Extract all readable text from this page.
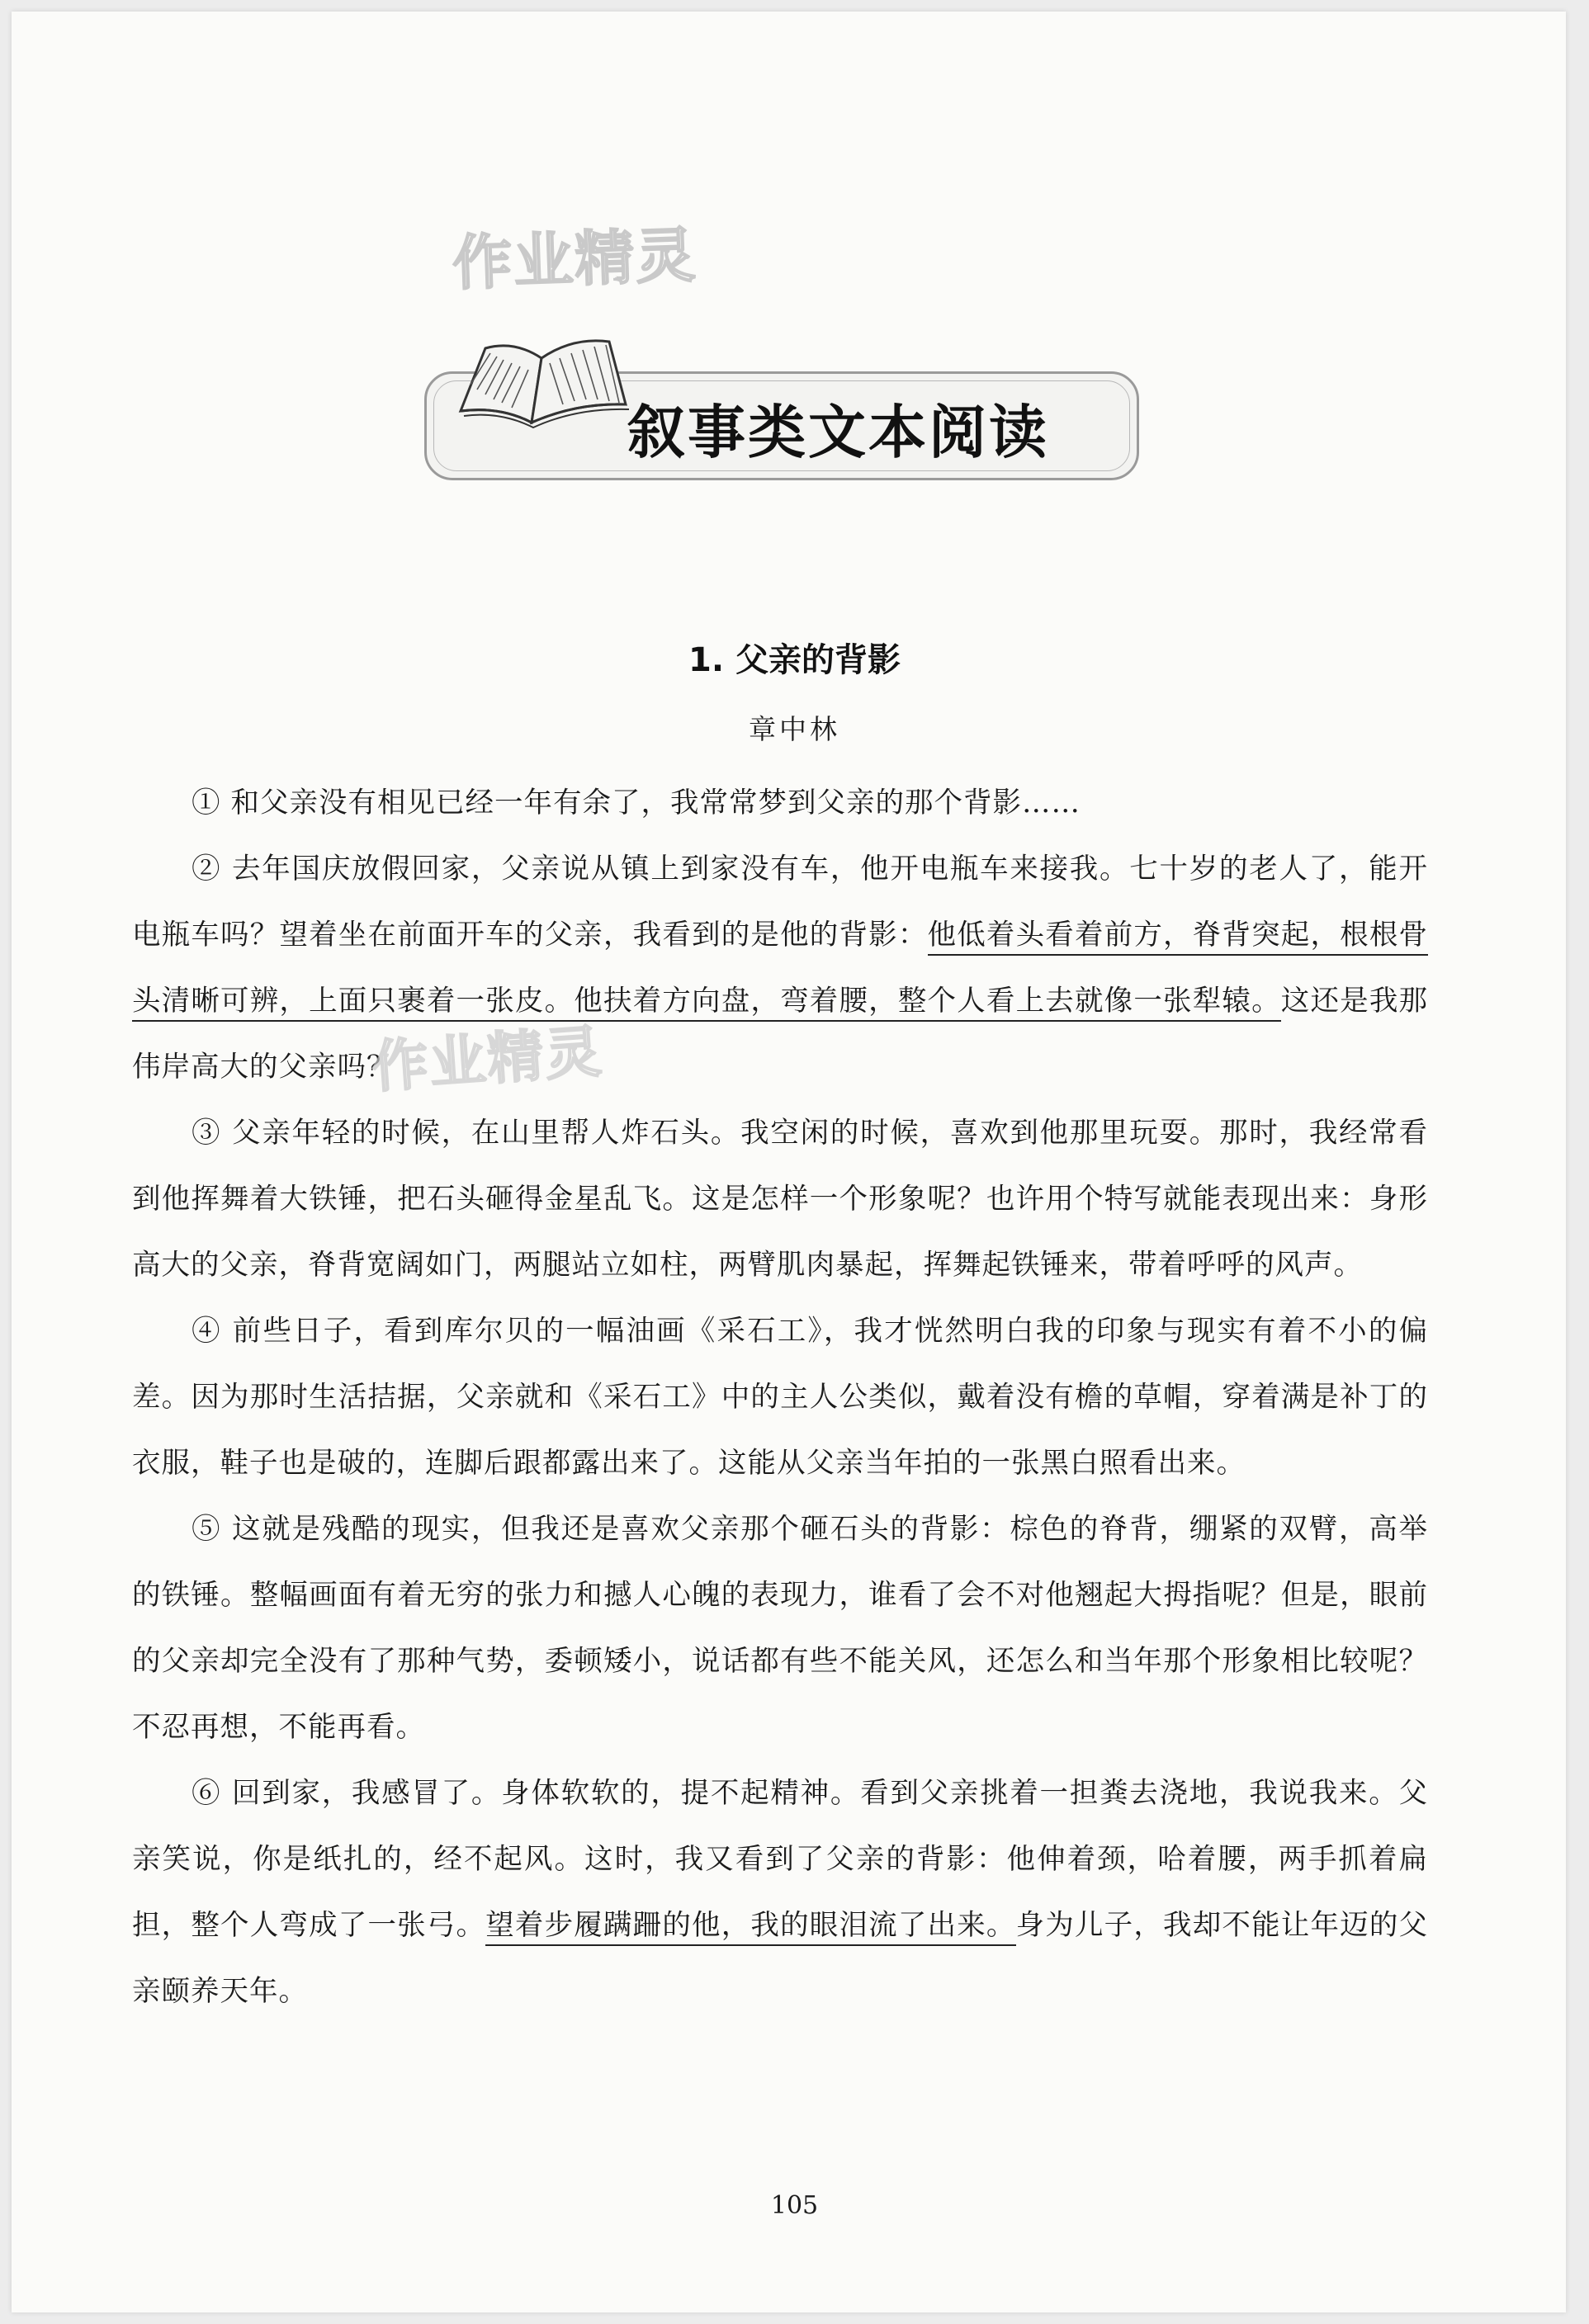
作业精灵
叙事类文本阅读
1. 父亲的背影
章中林

① 和父亲没有相见已经一年有余了，我常常梦到父亲的那个背影……

② 去年国庆放假回家，父亲说从镇上到家没有车，他开电瓶车来接我。七十岁的老人了，能开电瓶车吗？望着坐在前面开车的父亲，我看到的是他的背影：他低着头看着前方，脊背突起，根根骨头清晰可辨，上面只裹着一张皮。他扶着方向盘，弯着腰，整个人看上去就像一张犁辕。这还是我那伟岸高大的父亲吗？

③ 父亲年轻的时候，在山里帮人炸石头。我空闲的时候，喜欢到他那里玩耍。那时，我经常看到他挥舞着大铁锤，把石头砸得金星乱飞。这是怎样一个形象呢？也许用个特写就能表现出来：身形高大的父亲，脊背宽阔如门，两腿站立如柱，两臂肌肉暴起，挥舞起铁锤来，带着呼呼的风声。

④ 前些日子，看到库尔贝的一幅油画《采石工》，我才恍然明白我的印象与现实有着不小的偏差。因为那时生活拮据，父亲就和《采石工》中的主人公类似，戴着没有檐的草帽，穿着满是补丁的衣服，鞋子也是破的，连脚后跟都露出来了。这能从父亲当年拍的一张黑白照看出来。

⑤ 这就是残酷的现实，但我还是喜欢父亲那个砸石头的背影：棕色的脊背，绷紧的双臂，高举的铁锤。整幅画面有着无穷的张力和撼人心魄的表现力，谁看了会不对他翘起大拇指呢？但是，眼前的父亲却完全没有了那种气势，委顿矮小，说话都有些不能关风，还怎么和当年那个形象相比较呢？不忍再想，不能再看。

⑥ 回到家，我感冒了。身体软软的，提不起精神。看到父亲挑着一担粪去浇地，我说我来。父亲笑说，你是纸扎的，经不起风。这时，我又看到了父亲的背影：他伸着颈，哈着腰，两手抓着扁担，整个人弯成了一张弓。望着步履蹒跚的他，我的眼泪流了出来。身为儿子，我却不能让年迈的父亲颐养天年。

作业精灵
105
